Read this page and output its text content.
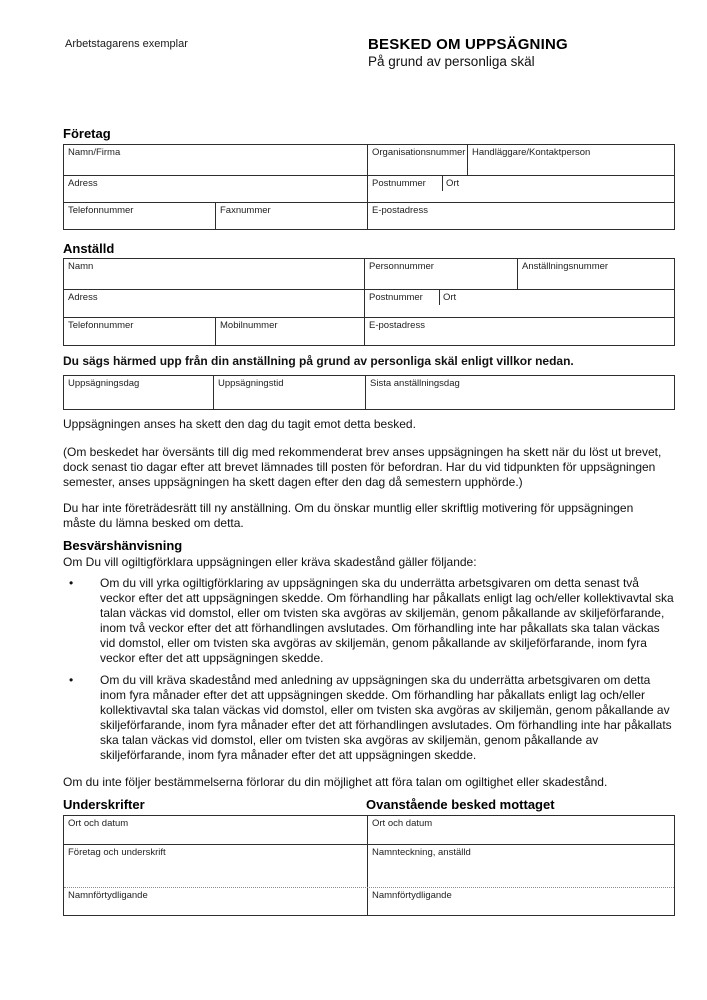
Arbetstagarens exemplar	BESKED OM UPPSÄGNING
På grund av personliga skäl
Företag
Namn/Firma	Organisationsnummer Handläggare/Kontaktperson
Adress	Postnummer	Ort
Telefonnummer	Faxnummer	E-postadress
Anställd
Namn	Personnummer	Anställningsnummer
Adress	Postnummer	Ort
Telefonnummer	Mobilnummer	E-postadress
Du sägs härmed upp från din anställning på grund av personliga skäl enligt villkor nedan.
Uppsägningsdag	Uppsägningstid	Sista anställningsdag
Uppsägningen anses ha skett den dag du tagit emot detta besked.
(Om beskedet har översänts till dig med rekommenderat brev anses uppsägningen ha skett när du löst ut brevet, dock senast tio dagar efter att brevet lämnades till posten för befordran. Har du vid tidpunkten för uppsägningen semester, anses uppsägningen ha skett dagen efter den dag då semestern upphörde.)
Du har inte företrädesrätt till ny anställning. Om du önskar muntlig eller skriftlig motivering för uppsägningen måste du lämna besked om detta.
Besvärshänvisning
Om Du vill ogiltigförklara uppsägningen eller kräva skadestånd gäller följande:
•	Om du vill yrka ogiltigförklaring av uppsägningen ska du underrätta arbetsgivaren om detta senast två veckor efter det att uppsägningen skedde. Om förhandling har påkallats enligt lag och/eller kollektivavtal ska talan väckas vid domstol, eller om tvisten ska avgöras av skiljemän, genom påkallande av skiljeförfarande, inom två veckor efter det att förhandlingen avslutades. Om förhandling inte har påkallats ska talan väckas vid domstol, eller om tvisten ska avgöras av skiljemän, genom påkallande av skiljeförfarande, inom fyra veckor efter det att uppsägningen skedde.
•	Om du vill kräva skadestånd med anledning av uppsägningen ska du underrätta arbetsgivaren om detta inom fyra månader efter det att uppsägningen skedde. Om förhandling har påkallats enligt lag och/eller kollektivavtal ska talan väckas vid domstol, eller om tvisten ska avgöras av skiljemän, genom påkallande av skiljeförfarande, inom fyra månader efter det att förhandlingen avslutades. Om förhandling inte har påkallats ska talan väckas vid domstol, eller om tvisten ska avgöras av skiljemän, genom påkallande av skiljeförfarande, inom fyra månader efter det att uppsägningen skedde.
Om du inte följer bestämmelserna förlorar du din möjlighet att föra talan om ogiltighet eller skadestånd.
Underskrifter	Ovanstående besked mottaget
Ort och datum	Ort och datum
Företag och underskrift	Namnteckning, anställd
Namnförtydligande	Namnförtydligande
